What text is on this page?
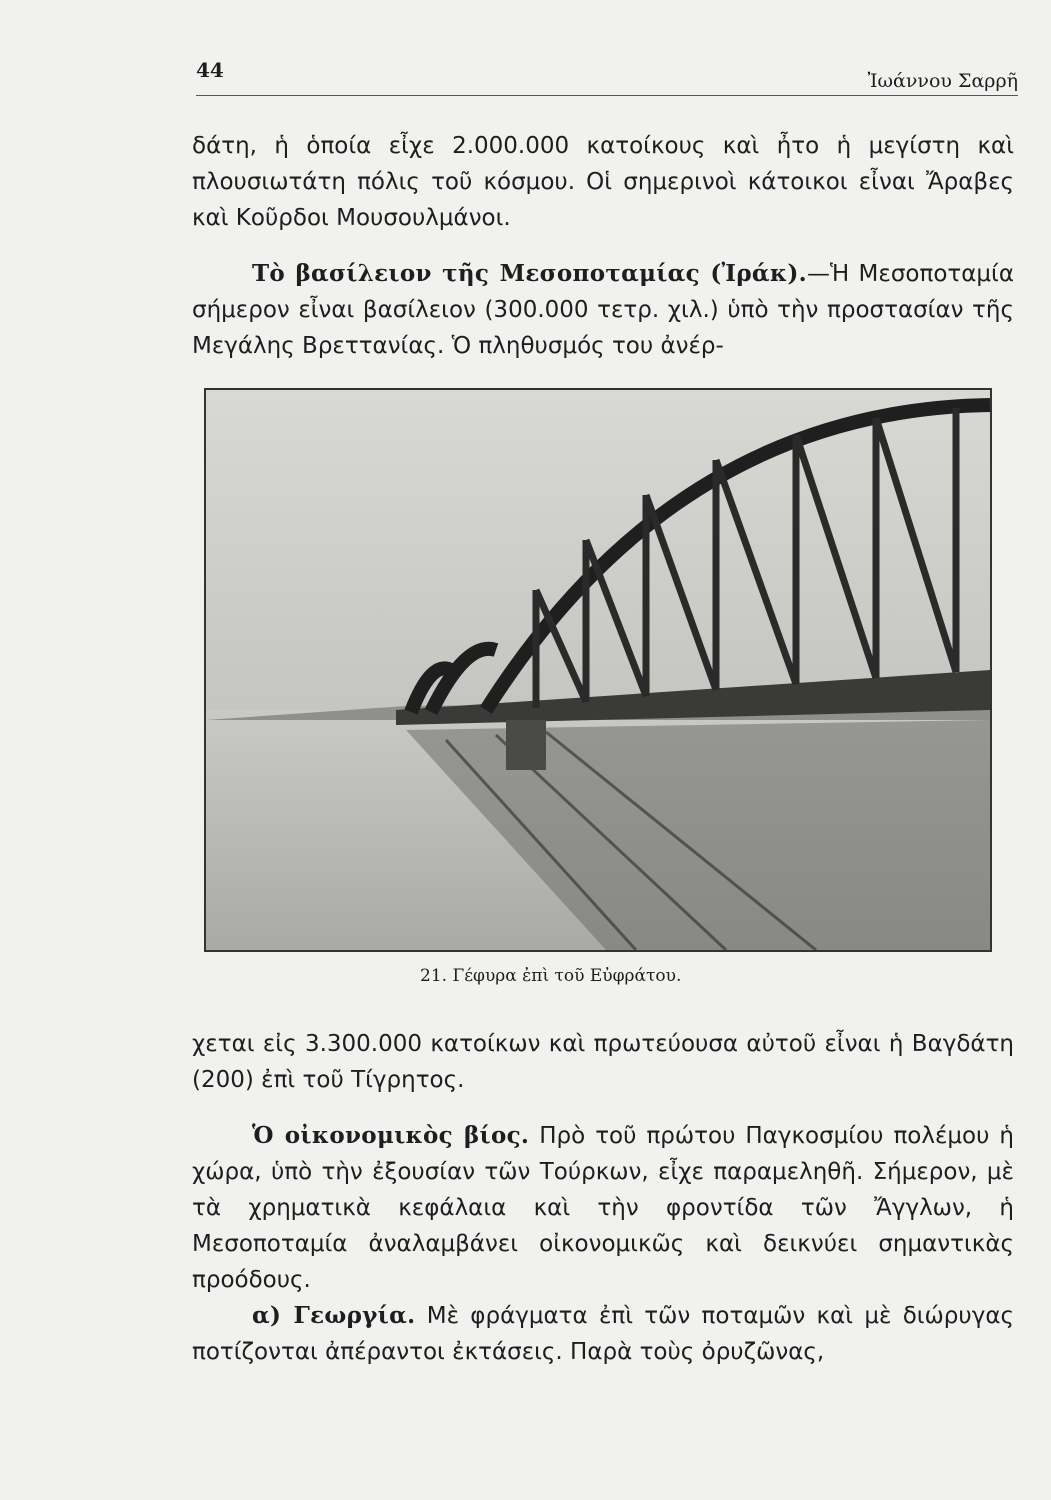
44	Ἰωάννου Σαρρῆ

δάτη, ἡ ὁποία εἶχε 2.000.000 κατοίκους καὶ ἦτο ἡ μεγίστη καὶ πλουσιωτάτη πόλις τοῦ κόσμου. Οἱ σημερινοὶ κάτοικοι εἶναι Ἄραβες καὶ Κοῦρδοι Μουσουλμάνοι.

Τὸ βασίλειον τῆς Μεσοποταμίας (Ἰράκ).—Ἡ Μεσοποταμία σήμερον εἶναι βασίλειον (300.000 τετρ. χιλ.) ὑπὸ τὴν προστασίαν τῆς Μεγάλης Βρεττανίας. Ὁ πληθυσμός του ἀνέρ-

21. Γέφυρα ἐπὶ τοῦ Εὐφράτου.

χεται εἰς 3.300.000 κατοίκων καὶ πρωτεύουσα αὐτοῦ εἶναι ἡ Βαγδάτη (200) ἐπὶ τοῦ Τίγρητος.

Ὁ οἰκονομικὸς βίος. Πρὸ τοῦ πρώτου Παγκοσμίου πολέμου ἡ χώρα, ὑπὸ τὴν ἐξουσίαν τῶν Τούρκων, εἶχε παραμεληθῆ. Σήμερον, μὲ τὰ χρηματικὰ κεφάλαια καὶ τὴν φροντίδα τῶν Ἄγγλων, ἡ Μεσοποταμία ἀναλαμβάνει οἰκονομικῶς καὶ δεικνύει σημαντικὰς προόδους.

α) Γεωργία. Μὲ φράγματα ἐπὶ τῶν ποταμῶν καὶ μὲ διώρυγας ποτίζονται ἀπέραντοι ἐκτάσεις. Παρὰ τοὺς ὀρυζῶνας,
